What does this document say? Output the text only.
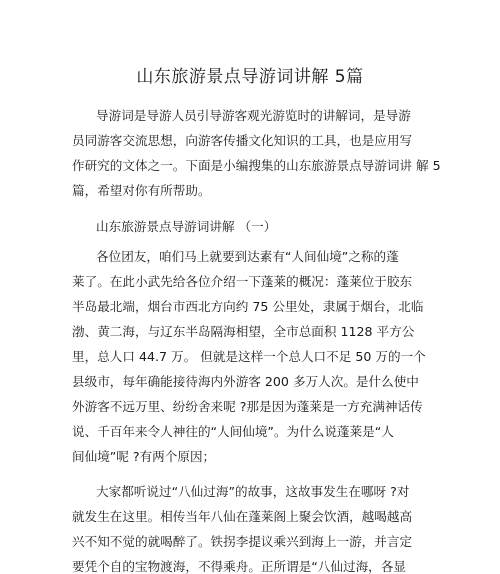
山东旅游景点导游词讲解 5篇

导游词是导游人员引导游客观光游览时的讲解词，是导游

员同游客交流思想，向游客传播文化知识的工具，也是应用写

作研究的文体之一。下面是小编搜集的山东旅游景点导游词讲 解 5

篇，希望对你有所帮助。

山东旅游景点导游词讲解 （一）

各位团友，咱们马上就要到达素有“人间仙境”之称的蓬

莱了。在此小武先给各位介绍一下蓬莱的概况：蓬莱位于胶东

半岛最北端，烟台市西北方向约 75 公里处，隶属于烟台，北临

渤、黄二海，与辽东半岛隔海相望，全市总面积 1128 平方公

里，总人口 44.7 万。 但就是这样一个总人口不足 50 万的一个

县级市，每年确能接待海内外游客 200 多万人次。是什么使中

外游客不远万里、纷纷舍来呢 ?那是因为蓬莱是一方充满神话传

说、千百年来令人神往的“人间仙境”。为什么说蓬莱是“人

间仙境”呢 ?有两个原因；

大家都听说过“八仙过海”的故事，这故事发生在哪呀 ?对

就发生在这里。相传当年八仙在蓬莱阁上聚会饮酒，越喝越高

兴不知不觉的就喝醉了。铁拐李提议乘兴到海上一游，并言定

要凭个自的宝物渡海，不得乘舟。正所谓是“八仙过海，各显
